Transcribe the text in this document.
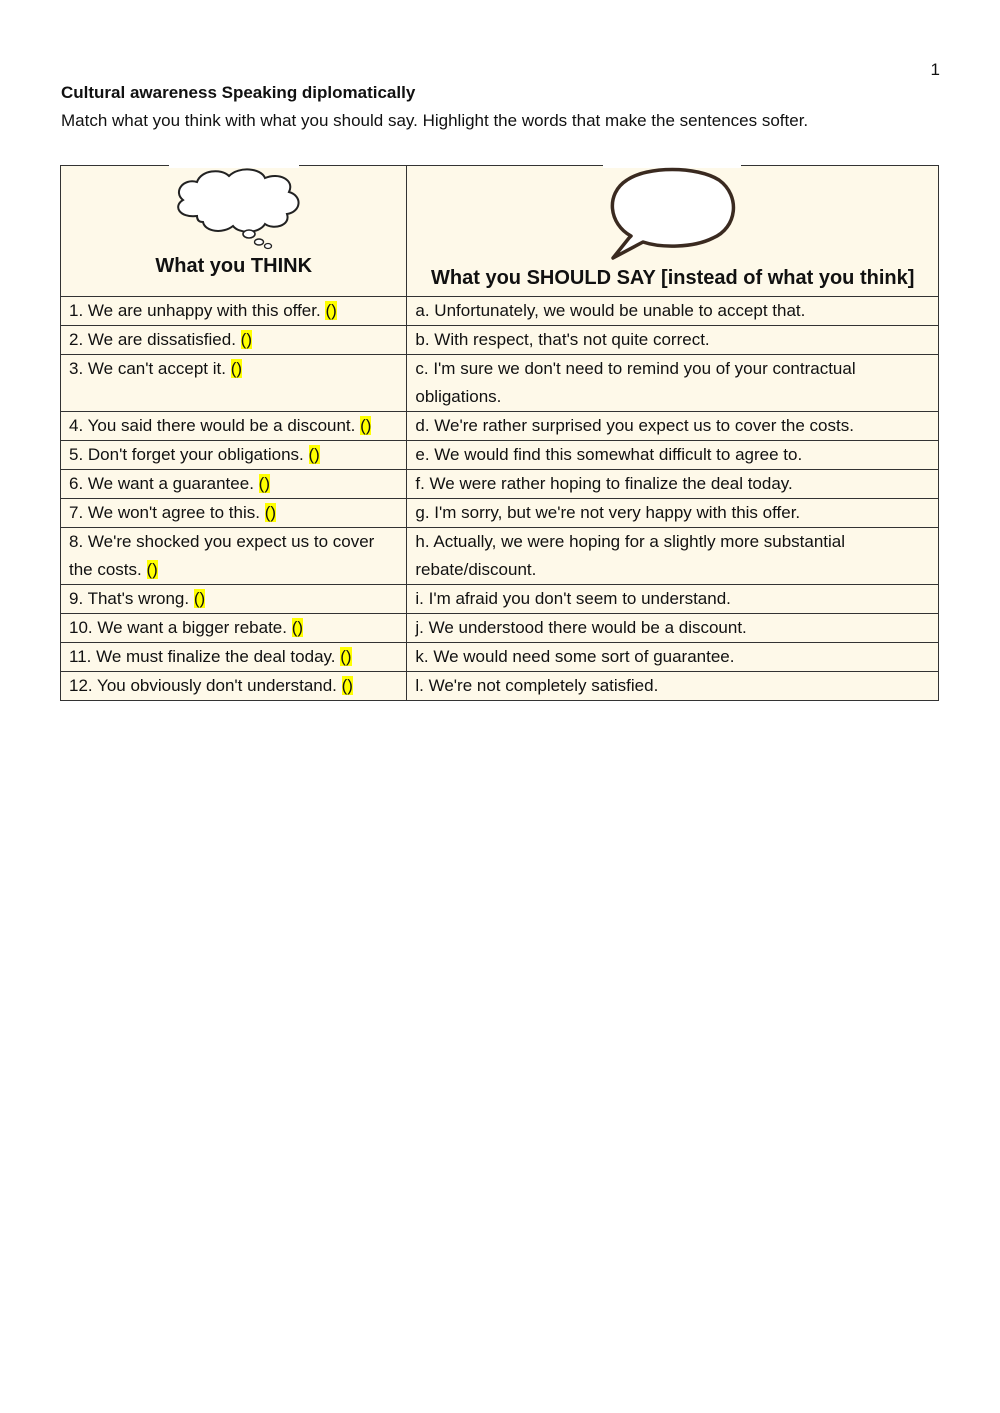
1
Cultural awareness Speaking diplomatically
Match what you think with what you should say. Highlight the words that make the sentences softer.
What you THINK	What you SHOULD SAY [instead of what you think]

1. We are unhappy with this offer. ()	a. Unfortunately, we would be unable to accept that.
2. We are dissatisfied. ()	b. With respect, that's not quite correct.
3. We can't accept it. ()	c. I'm sure we don't need to remind you of your contractual obligations.
4. You said there would be a discount. ()	d. We're rather surprised you expect us to cover the costs.
5. Don't forget your obligations. ()	e. We would find this somewhat difficult to agree to.
6. We want a guarantee. ()	f. We were rather hoping to finalize the deal today.
7. We won't agree to this. ()	g. I'm sorry, but we're not very happy with this offer.
8. We're shocked you expect us to cover the costs. ()	h. Actually, we were hoping for a slightly more substantial rebate/discount.
9. That's wrong. ()	i. I'm afraid you don't seem to understand.
10. We want a bigger rebate. ()	j. We understood there would be a discount.
11. We must finalize the deal today. ()	k. We would need some sort of guarantee.
12. You obviously don't understand. ()	l. We're not completely satisfied.
